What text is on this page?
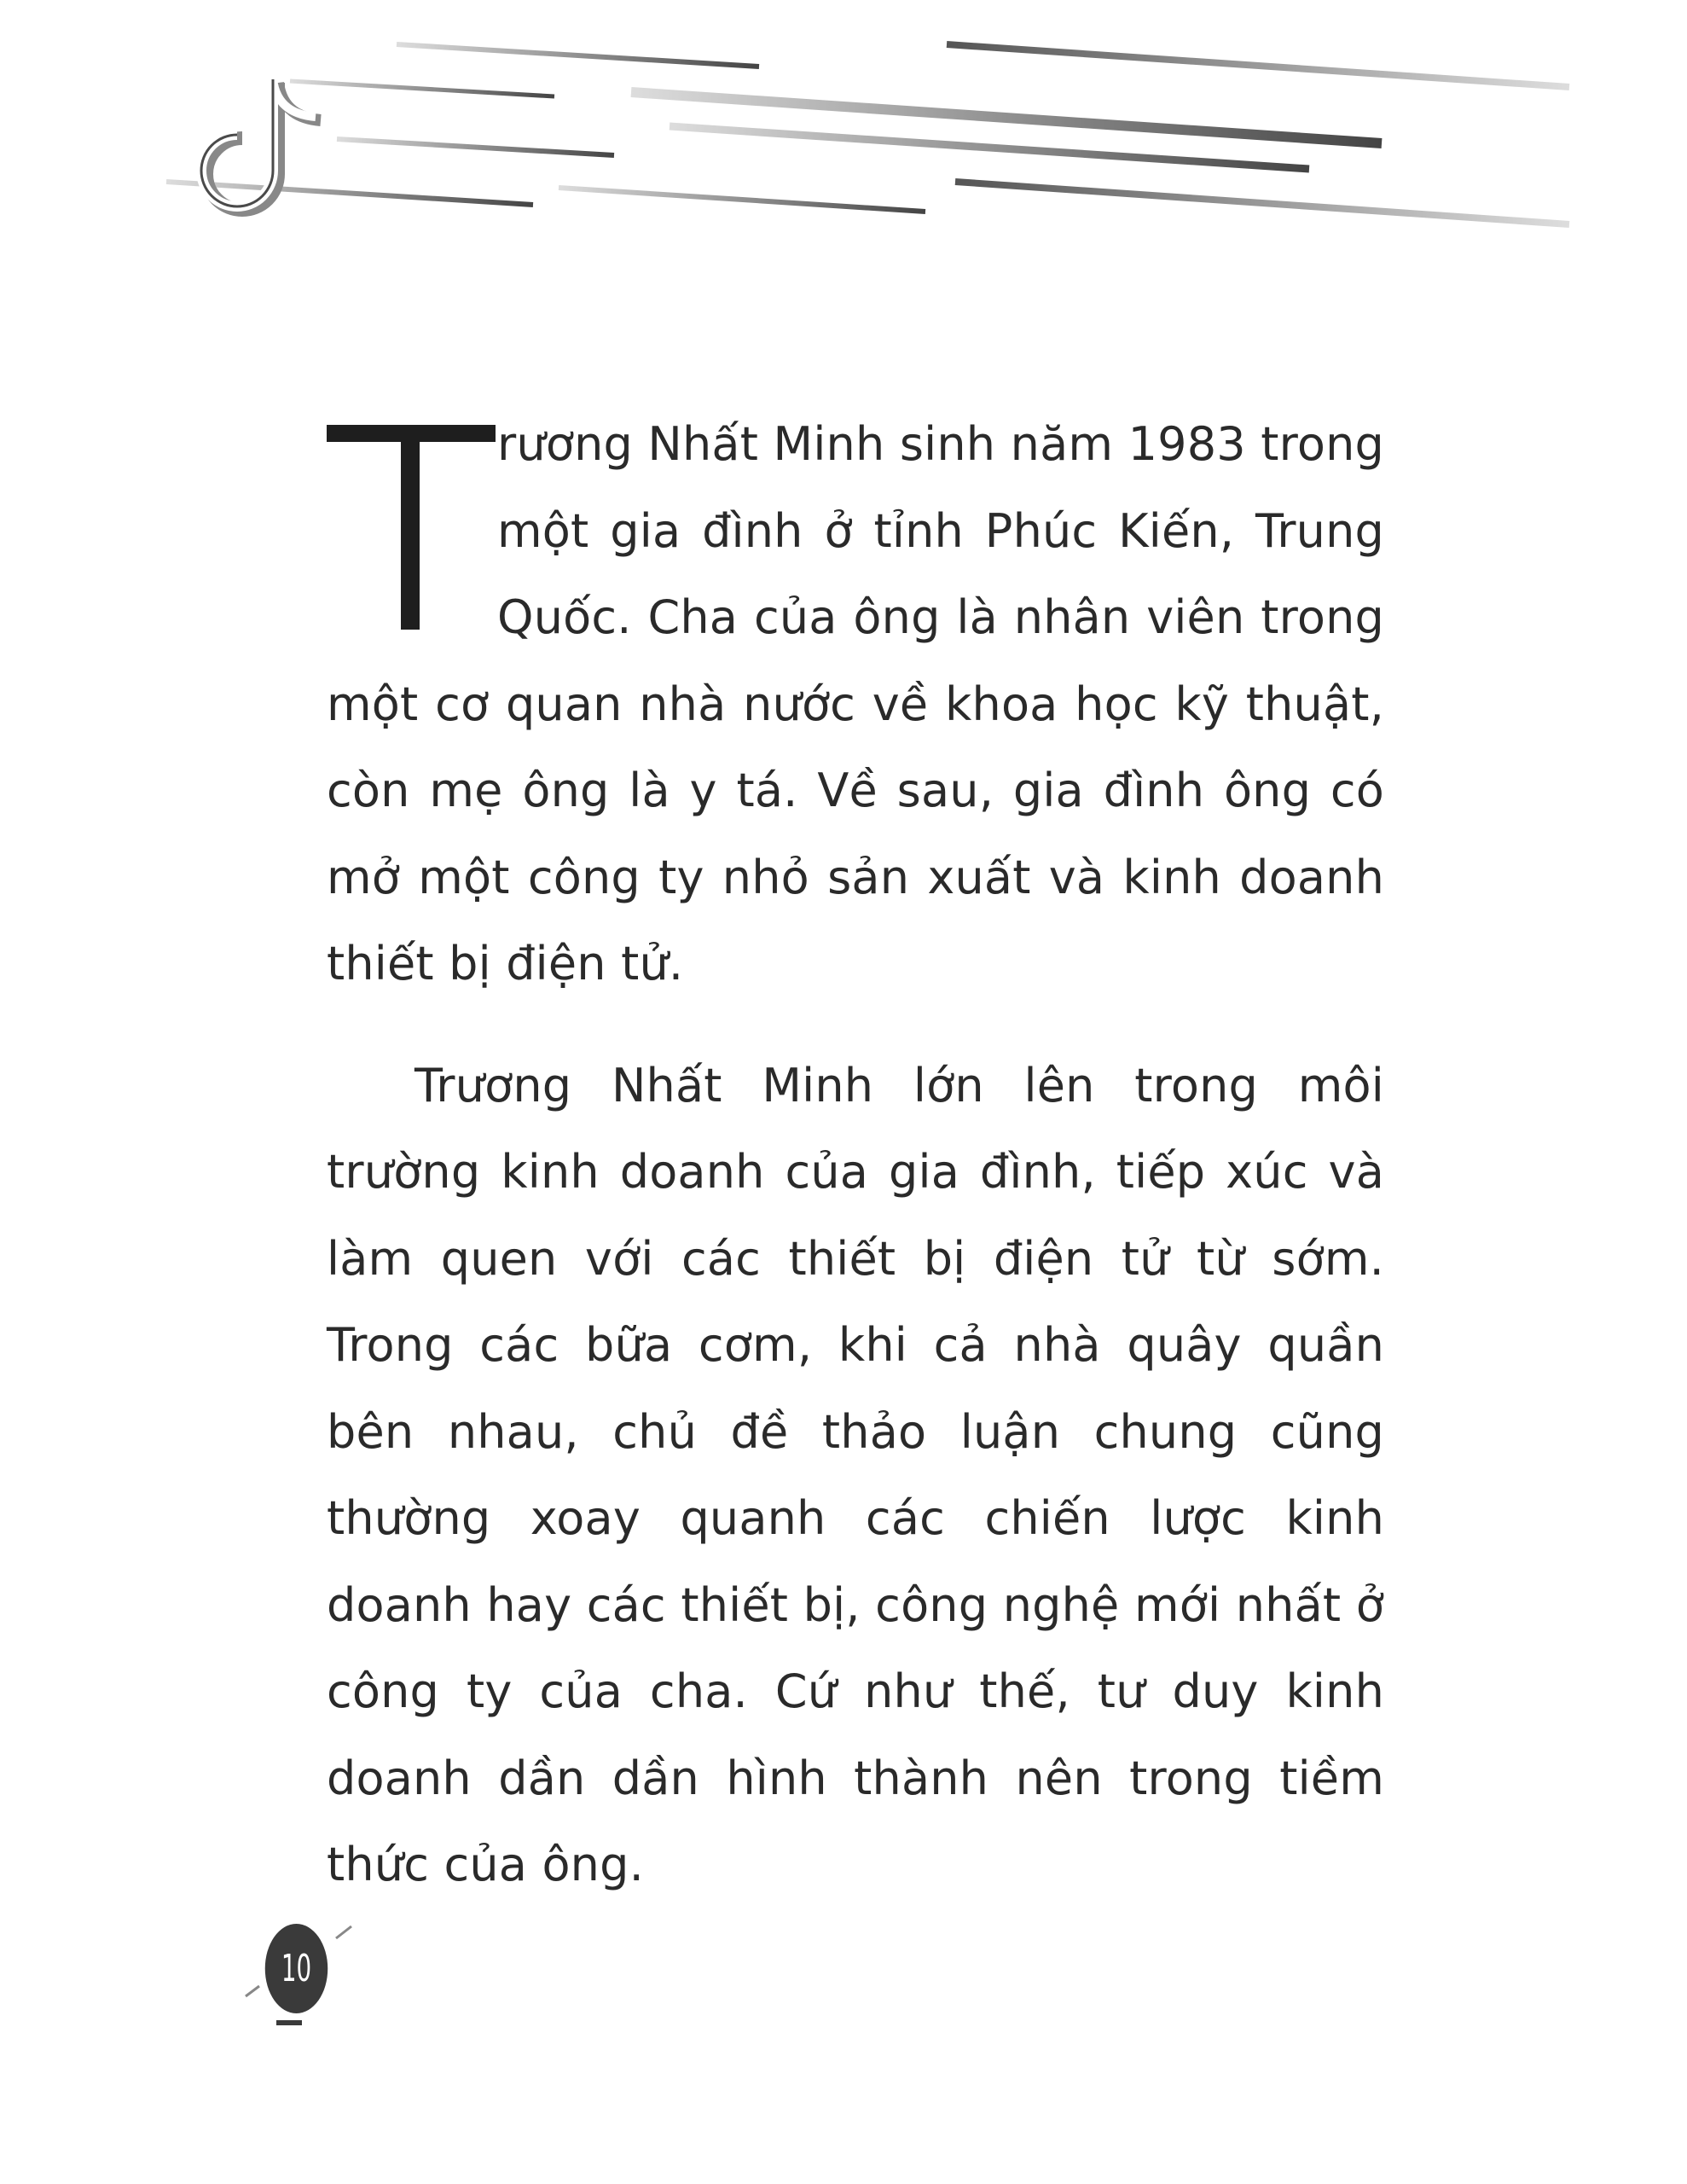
rương Nhất Minh sinh năm 1983 trong một gia đình ở tỉnh Phúc Kiến, Trung Quốc. Cha của ông là nhân viên trong một cơ quan nhà nước về khoa học kỹ thuật, còn mẹ ông là y tá. Về sau, gia đình ông có mở một công ty nhỏ sản xuất và kinh doanh thiết bị điện tử.

Trương Nhất Minh lớn lên trong môi trường kinh doanh của gia đình, tiếp xúc và làm quen với các thiết bị điện tử từ sớm. Trong các bữa cơm, khi cả nhà quây quần bên nhau, chủ đề thảo luận chung cũng thường xoay quanh các chiến lược kinh doanh hay các thiết bị, công nghệ mới nhất ở công ty của cha. Cứ như thế, tư duy kinh doanh dần dần hình thành nên trong tiềm thức của ông.

10
